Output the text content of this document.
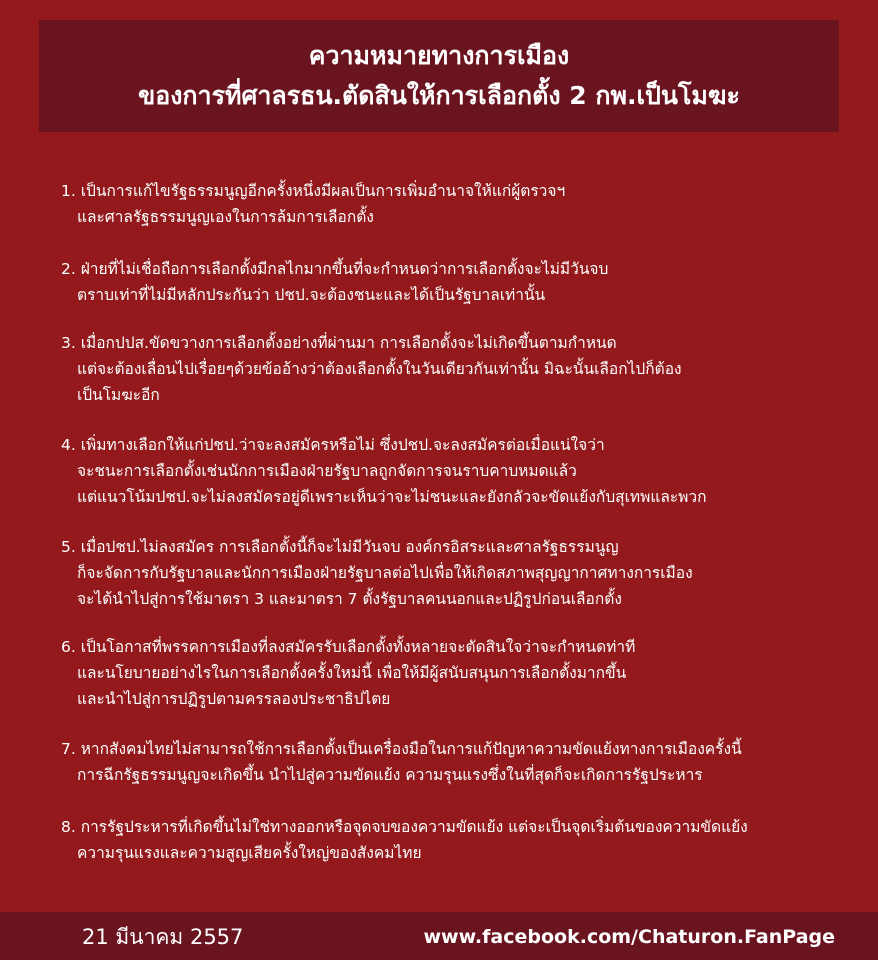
ความหมายทางการเมือง
ของการที่ศาลรธน.ตัดสินให้การเลือกตั้ง 2 กพ.เป็นโมฆะ
1. เป็นการแก้ไขรัฐธรรมนูญอีกครั้งหนึ่งมีผลเป็นการเพิ่มอำนาจให้แก่ผู้ตรวจฯ
และศาลรัฐธรรมนูญเองในการล้มการเลือกตั้ง
2. ฝ่ายที่ไม่เชื่อถือการเลือกตั้งมีกลไกมากขึ้นที่จะกำหนดว่าการเลือกตั้งจะไม่มีวันจบ
ตราบเท่าที่ไม่มีหลักประกันว่า ปชป.จะต้องชนะและได้เป็นรัฐบาลเท่านั้น
3. เมื่อกปปส.ขัดขวางการเลือกตั้งอย่างที่ผ่านมา การเลือกตั้งจะไม่เกิดขึ้นตามกำหนด
แต่จะต้องเลื่อนไปเรื่อยๆด้วยข้ออ้างว่าต้องเลือกตั้งในวันเดียวกันเท่านั้น มิฉะนั้นเลือกไปก็ต้อง
เป็นโมฆะอีก
4. เพิ่มทางเลือกให้แก่ปชป.ว่าจะลงสมัครหรือไม่ ซึ่งปชป.จะลงสมัครต่อเมื่อแน่ใจว่า
จะชนะการเลือกตั้งเช่นนักการเมืองฝ่ายรัฐบาลถูกจัดการจนราบคาบหมดแล้ว
แต่แนวโน้มปชป.จะไม่ลงสมัครอยู่ดีเพราะเห็นว่าจะไม่ชนะและยังกลัวจะขัดแย้งกับสุเทพและพวก
5. เมื่อปชป.ไม่ลงสมัคร การเลือกตั้งนี้ก็จะไม่มีวันจบ องค์กรอิสระและศาลรัฐธรรมนูญ
ก็จะจัดการกับรัฐบาลและนักการเมืองฝ่ายรัฐบาลต่อไปเพื่อให้เกิดสภาพสุญญากาศทางการเมือง
จะได้นำไปสู่การใช้มาตรา 3 และมาตรา 7 ตั้งรัฐบาลคนนอกและปฏิรูปก่อนเลือกตั้ง
6. เป็นโอกาสที่พรรคการเมืองที่ลงสมัครรับเลือกตั้งทั้งหลายจะตัดสินใจว่าจะกำหนดท่าที
และนโยบายอย่างไรในการเลือกตั้งครั้งใหม่นี้ เพื่อให้มีผู้สนับสนุนการเลือกตั้งมากขึ้น
และนำไปสู่การปฏิรูปตามครรลองประชาธิปไตย
7. หากสังคมไทยไม่สามารถใช้การเลือกตั้งเป็นเครื่องมือในการแก้ปัญหาความขัดแย้งทางการเมืองครั้งนี้
การฉีกรัฐธรรมนูญจะเกิดขึ้น นำไปสู่ความขัดแย้ง ความรุนแรงซึ่งในที่สุดก็จะเกิดการรัฐประหาร
8. การรัฐประหารที่เกิดขึ้นไม่ใช่ทางออกหรือจุดจบของความขัดแย้ง แต่จะเป็นจุดเริ่มต้นของความขัดแย้ง
ความรุนแรงและความสูญเสียครั้งใหญ่ของสังคมไทย
21 มีนาคม 2557	www.facebook.com/Chaturon.FanPage
